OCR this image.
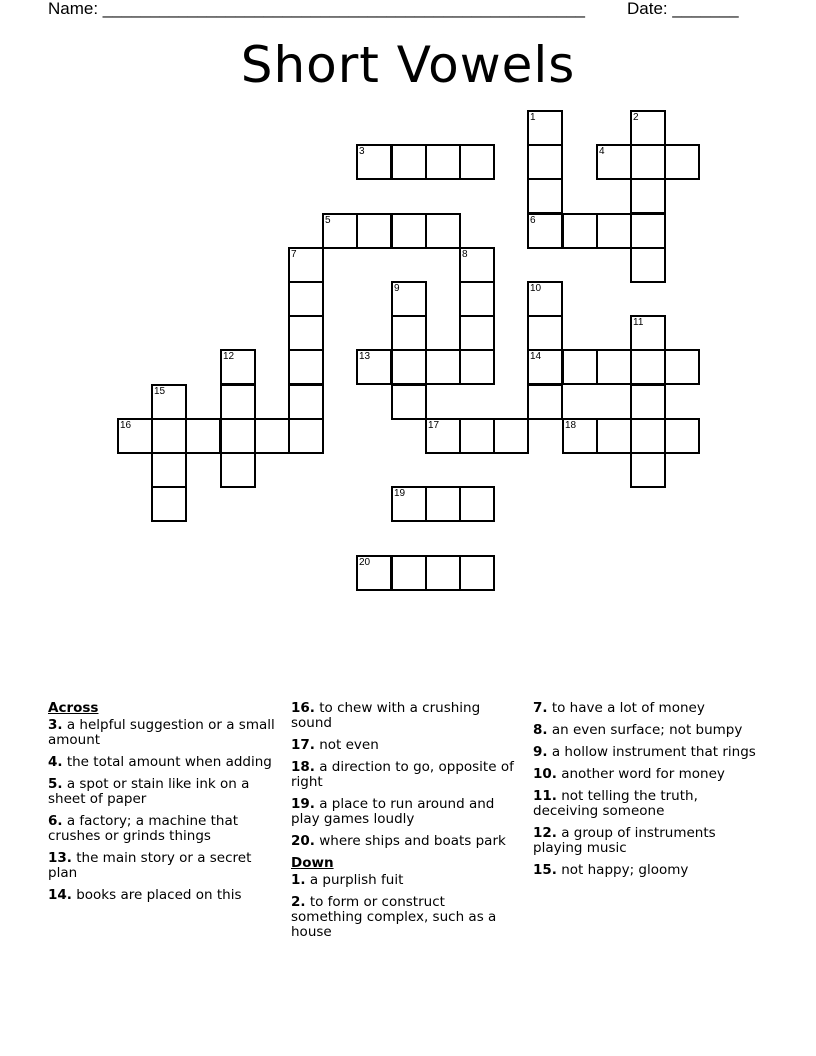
Name: ___________________________________________________ Date: _______
Short Vowels
1
6
2
3	4
5
7	8
9	10
14
11
12	13
15
16	17	18
19
20
Across
3. a helpful suggestion or a small amount
4. the total amount when adding
5. a spot or stain like ink on a sheet of paper
6. a factory; a machine that crushes or grinds things
13. the main story or a secret plan
14. books are placed on this
16. to chew with a crushing sound
17. not even
18. a direction to go, opposite of right
19. a place to run around and play games loudly
20. where ships and boats park
Down
1. a purplish fuit
2. to form or construct something complex, such as a house
7. to have a lot of money
8. an even surface; not bumpy
9. a hollow instrument that rings
10. another word for money
11. not telling the truth, deceiving someone
12. a group of instruments playing music
15. not happy; gloomy
